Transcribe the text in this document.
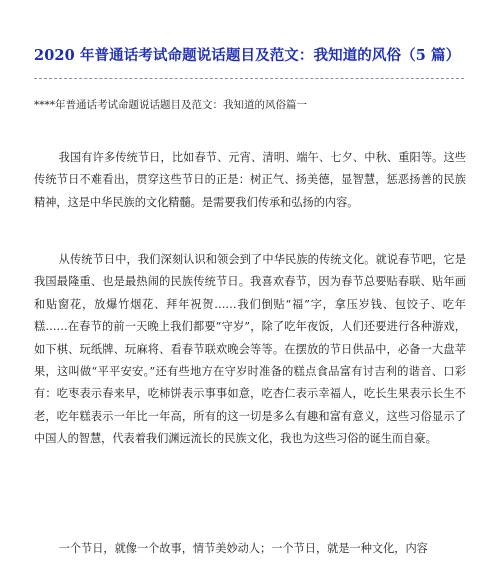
2020 年普通话考试命题说话题目及范文：我知道的风俗（5 篇）
****年普通话考试命题说话题目及范文：我知道的风俗篇一

我国有许多传统节日，比如春节、元宵、清明、端午、七夕、中秋、重阳等。这些传统节日不难看出，贯穿这些节日的正是：树正气、扬美德，显智慧，惩恶扬善的民族精神，这是中华民族的文化精髓。是需要我们传承和弘扬的内容。

从传统节日中，我们深刻认识和领会到了中华民族的传统文化。就说春节吧，它是我国最隆重、也是最热闹的民族传统节日。我喜欢春节，因为春节总要贴春联、贴年画和贴窗花，放爆竹烟花、拜年祝贺……我们倒贴“福”字，拿压岁钱、包饺子、吃年糕……在春节的前一天晚上我们都要“守岁”，除了吃年夜饭，人们还要进行各种游戏，如下棋、玩纸牌、玩麻将、看春节联欢晚会等等。在摆放的节日供品中，必备一大盘苹果，这叫做“平平安安。”还有些地方在守岁时准备的糕点食品富有讨吉利的谐音、口彩有：吃枣表示春来早，吃柿饼表示事事如意，吃杏仁表示幸福人，吃长生果表示长生不老，吃年糕表示一年比一年高，所有的这一切是多么有趣和富有意义，这些习俗显示了中国人的智慧，代表着我们渊远流长的民族文化，我也为这些习俗的诞生而自豪。

一个节日，就像一个故事，情节美妙动人；一个节日，就是一种文化，内容
